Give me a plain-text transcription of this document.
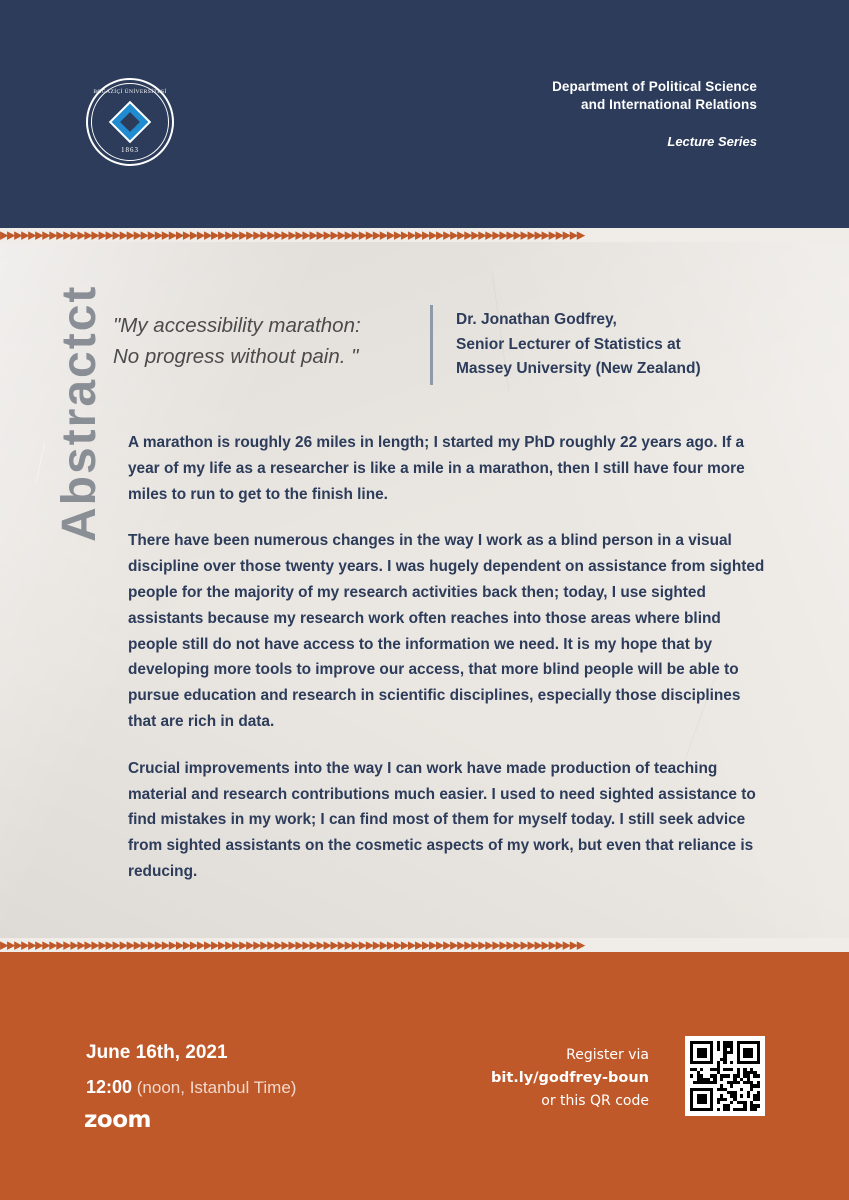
BOĞAZİÇİ ÜNİVERSİTESİ
1863
Department of Political Science
and International Relations
Lecture Series
▸▸▸▸▸▸▸▸▸▸▸▸▸▸▸▸▸▸▸▸▸▸▸▸▸▸▸▸▸▸▸▸▸▸▸▸▸▸▸▸▸▸▸▸▸▸▸▸▸▸▸▸▸▸▸▸▸▸▸▸▸▸▸▸▸▸▸▸▸▸▸▸▸▸▸▸▸▸▸▸▸▸▸
"My accessibility marathon:
No progress without pain. "
Dr. Jonathan Godfrey,
Senior Lecturer of Statistics at
Massey University (New Zealand)
Abstractct A marathon is roughly 26 miles in length; I started my PhD roughly 22 years ago. If a year of my life as a researcher is like a mile in a marathon, then I still have four more miles to run to get to the finish line.

There have been numerous changes in the way I work as a blind person in a visual discipline over those twenty years. I was hugely dependent on assistance from sighted people for the majority of my research activities back then; today, I use sighted assistants because my research work often reaches into those areas where blind people still do not have access to the information we need. It is my hope that by developing more tools to improve our access, that more blind people will be able to pursue education and research in scientific disciplines, especially those disciplines that are rich in data.

Crucial improvements into the way I can work have made production of teaching material and research contributions much easier. I used to need sighted assistance to find mistakes in my work; I can find most of them for myself today. I still seek advice from sighted assistants on the cosmetic aspects of my work, but even that reliance is reducing.

▸▸▸▸▸▸▸▸▸▸▸▸▸▸▸▸▸▸▸▸▸▸▸▸▸▸▸▸▸▸▸▸▸▸▸▸▸▸▸▸▸▸▸▸▸▸▸▸▸▸▸▸▸▸▸▸▸▸▸▸▸▸▸▸▸▸▸▸▸▸▸▸▸▸▸▸▸▸▸▸▸▸▸
June 16th, 2021
12:00 (noon, Istanbul Time)
zoom
Register via
bit.ly/godfrey-boun
or this QR code
